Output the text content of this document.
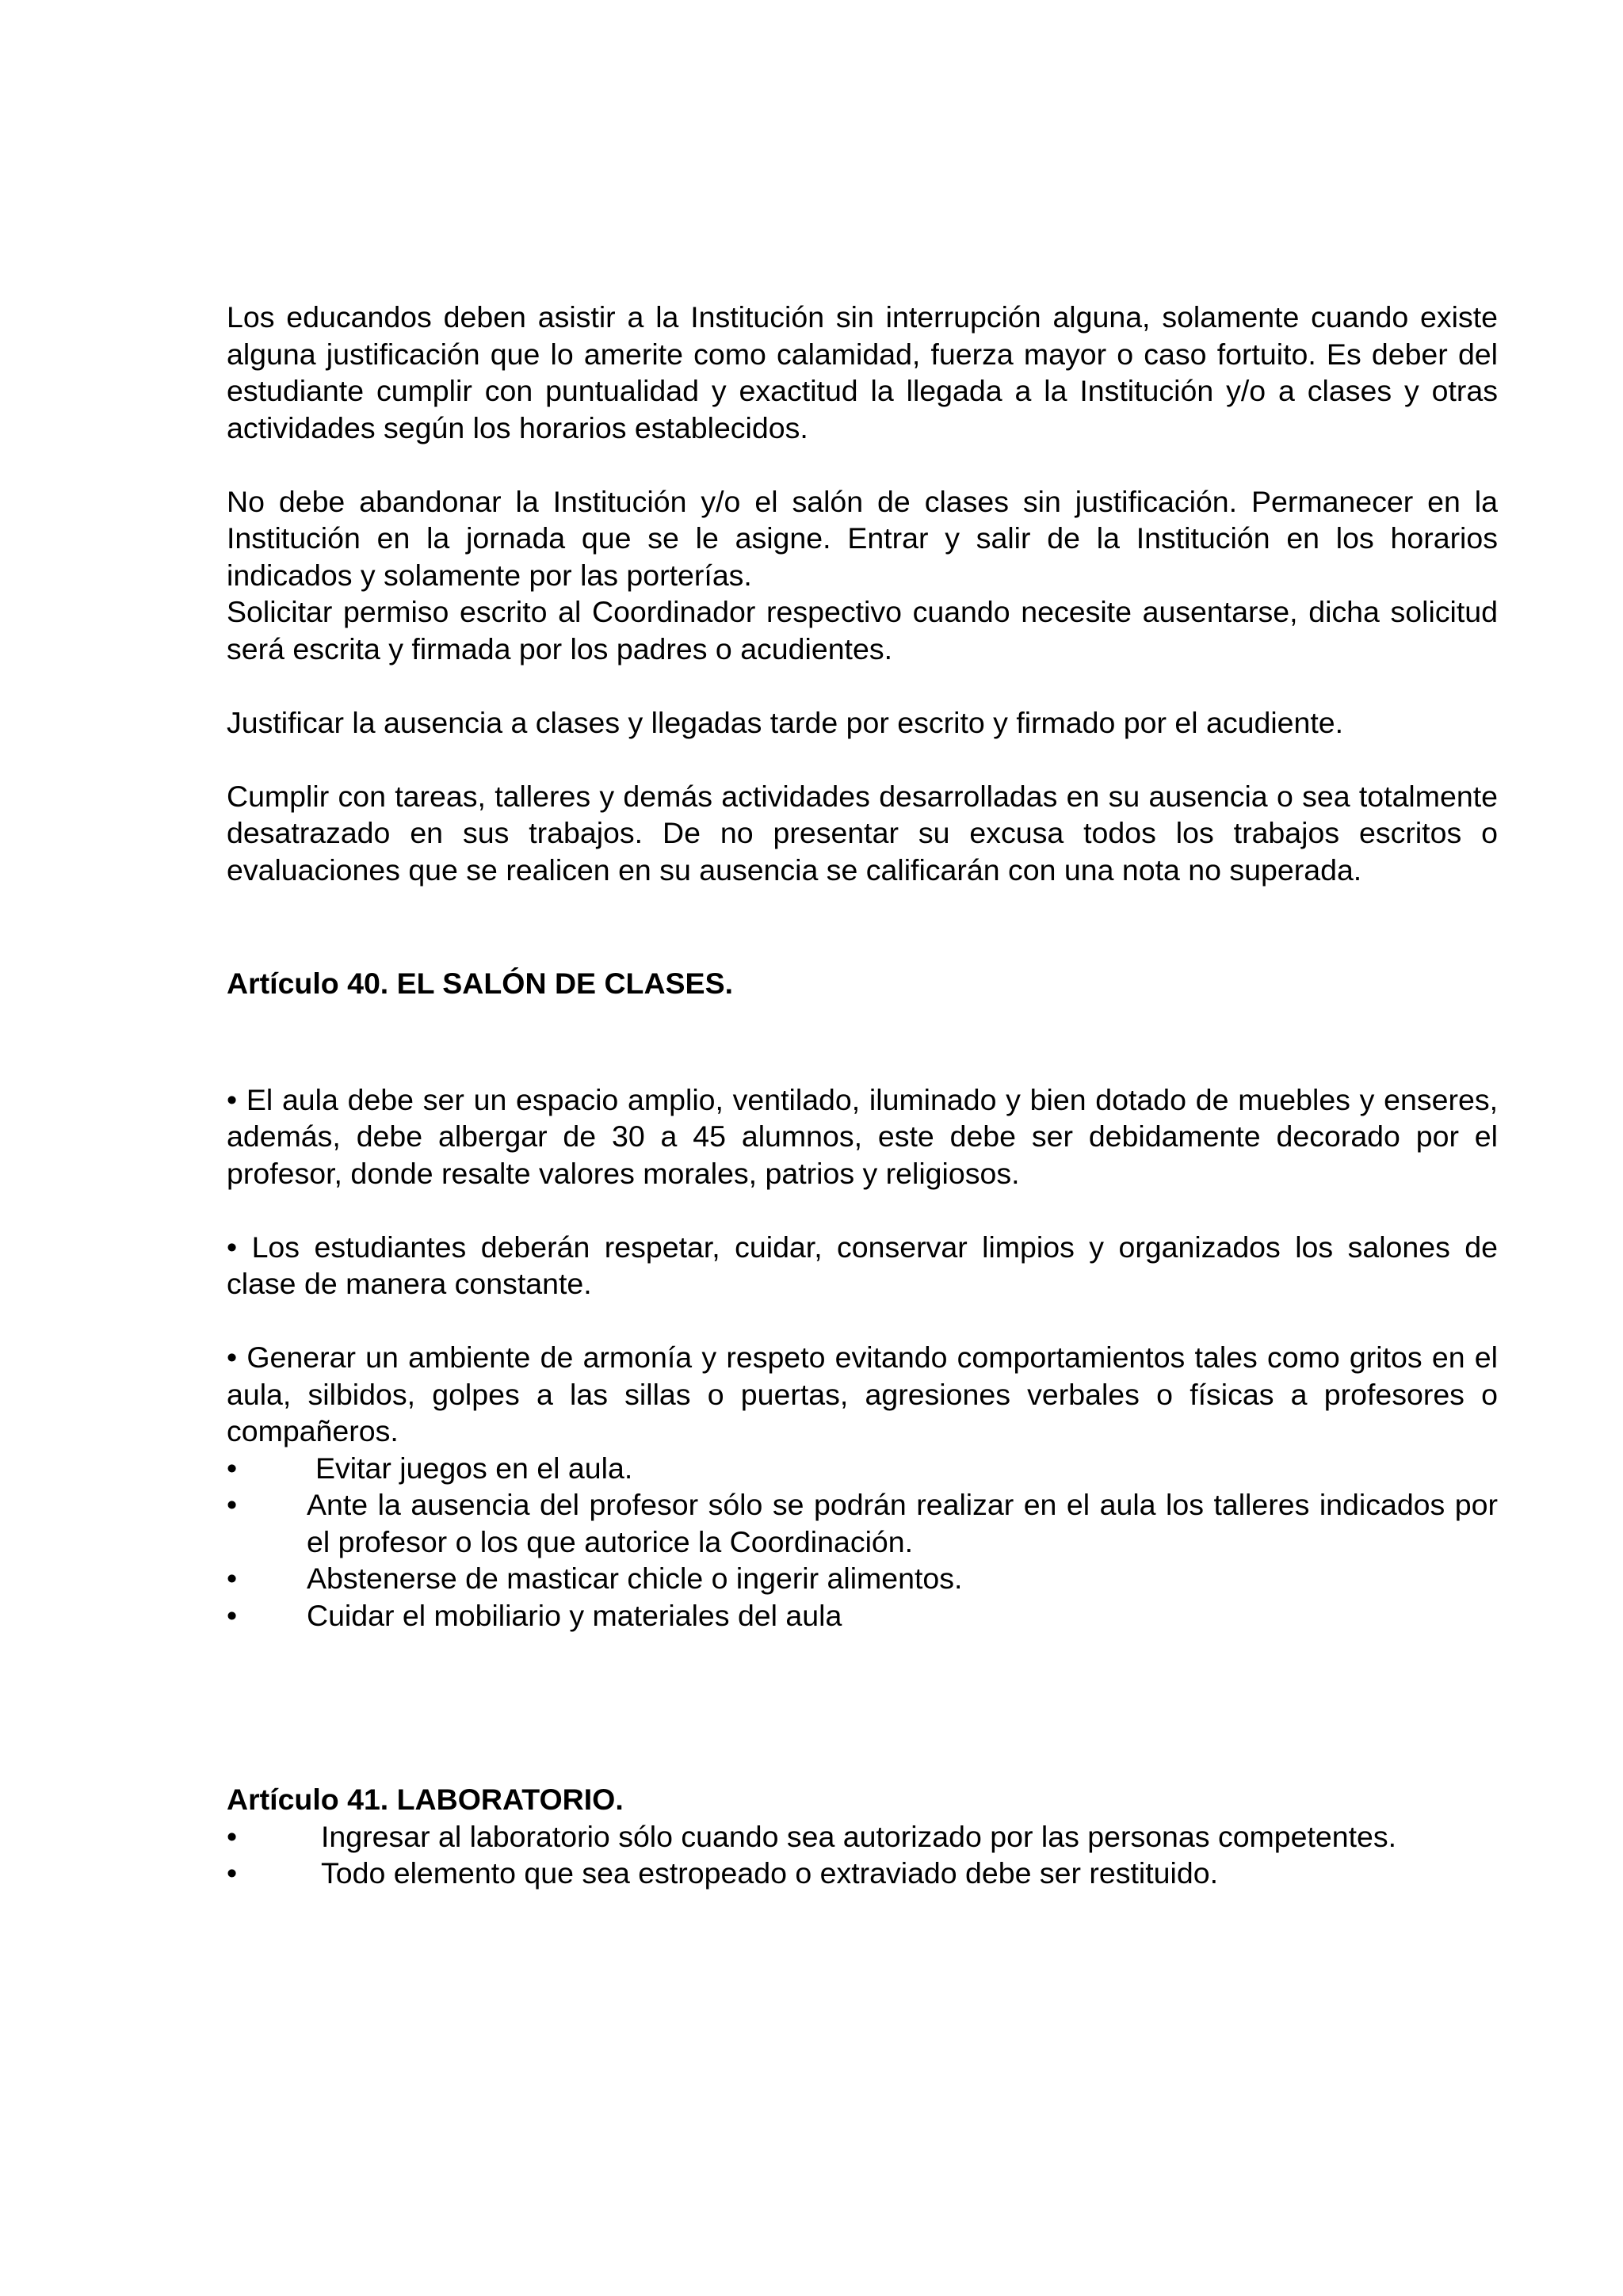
Los educandos deben asistir a la Institución sin interrupción alguna, solamente cuando existe alguna justificación que lo amerite como calamidad, fuerza mayor o caso fortuito. Es deber del estudiante cumplir con puntualidad y exactitud la llegada a la Institución y/o a clases y otras actividades según los horarios establecidos.

No debe abandonar la Institución y/o el salón de clases sin justificación. Permanecer en la Institución en la jornada que se le asigne. Entrar y salir de la Institución en los horarios indicados y solamente por las porterías.

Solicitar permiso escrito al Coordinador respectivo cuando necesite ausentarse, dicha solicitud será escrita y firmada por los padres o acudientes.

Justificar la ausencia a clases y llegadas tarde por escrito y firmado por el acudiente.

Cumplir con tareas, talleres y demás actividades desarrolladas en su ausencia o sea totalmente desatrazado en sus trabajos. De no presentar su excusa todos los trabajos escritos o evaluaciones que se realicen en su ausencia se calificarán con una nota no superada.

Artículo 40. EL SALÓN DE CLASES.

• El aula debe ser un espacio amplio, ventilado, iluminado y bien dotado de muebles y enseres, además, debe albergar de 30 a 45 alumnos, este debe ser debidamente decorado por el profesor, donde resalte valores morales, patrios y religiosos.

• Los estudiantes deberán respetar, cuidar, conservar limpios y organizados los salones de clase de manera constante.

• Generar un ambiente de armonía y respeto evitando comportamientos tales como gritos en el aula, silbidos, golpes a las sillas o puertas, agresiones verbales o físicas a profesores o compañeros.

•	Evitar juegos en el aula.
•	Ante la ausencia del profesor sólo se podrán realizar en el aula los talleres indicados por el profesor o los que autorice la Coordinación.
•	Abstenerse de masticar chicle o ingerir alimentos.
•	Cuidar el mobiliario y materiales del aula
Artículo 41. LABORATORIO.
•	Ingresar al laboratorio sólo cuando sea autorizado por las personas competentes.
•	Todo elemento que sea estropeado o extraviado debe ser restituido.
